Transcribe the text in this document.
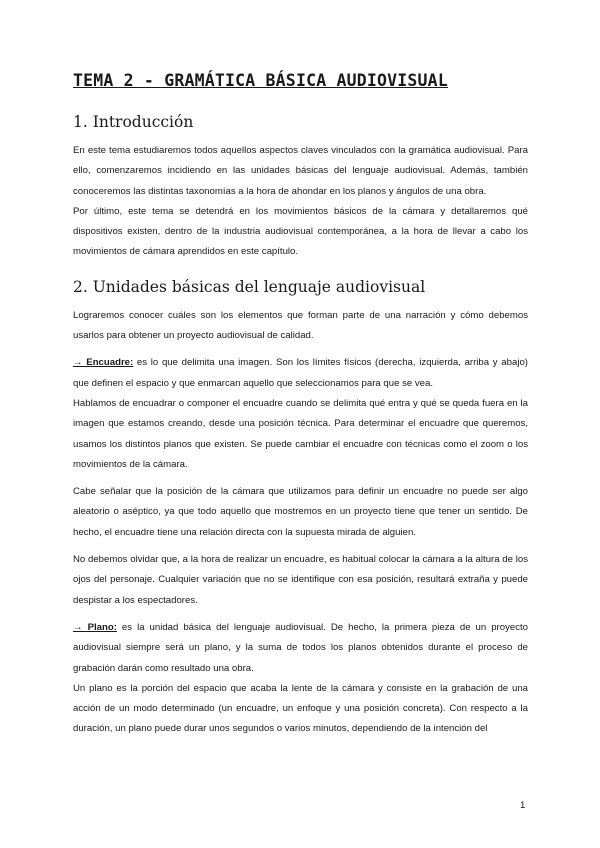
TEMA 2 - GRAMÁTICA BÁSICA AUDIOVISUAL
1. Introducción

En este tema estudiaremos todos aquellos aspectos claves vinculados con la gramática audiovisual. Para ello, comenzaremos incidiendo en las unidades básicas del lenguaje audiovisual. Además, también conoceremos las distintas taxonomías a la hora de ahondar en los planos y ángulos de una obra.

Por último, este tema se detendrá en los movimientos básicos de la cámara y detallaremos qué dispositivos existen, dentro de la industria audiovisual contemporánea, a la hora de llevar a cabo los movimientos de cámara aprendidos en este capítulo.

2. Unidades básicas del lenguaje audiovisual

Lograremos conocer cuáles son los elementos que forman parte de una narración y cómo debemos usarlos para obtener un proyecto audiovisual de calidad.

→ Encuadre: es lo que delimita una imagen. Son los límites físicos (derecha, izquierda, arriba y abajo) que definen el espacio y que enmarcan aquello que seleccionamos para que se vea.

Hablamos de encuadrar o componer el encuadre cuando se delimita qué entra y qué se queda fuera en la imagen que estamos creando, desde una posición técnica. Para determinar el encuadre que queremos, usamos los distintos planos que existen. Se puede cambiar el encuadre con técnicas como el zoom o los movimientos de la cámara.

Cabe señalar que la posición de la cámara que utilizamos para definir un encuadre no puede ser algo aleatorio o aséptico, ya que todo aquello que mostremos en un proyecto tiene que tener un sentido. De hecho, el encuadre tiene una relación directa con la supuesta mirada de alguien.

No debemos olvidar que, a la hora de realizar un encuadre, es habitual colocar la cámara a la altura de los ojos del personaje. Cualquier variación que no se identifique con esa posición, resultará extraña y puede despistar a los espectadores.

→ Plano: es la unidad básica del lenguaje audiovisual. De hecho, la primera pieza de un proyecto audiovisual siempre será un plano, y la suma de todos los planos obtenidos durante el proceso de grabación darán como resultado una obra.

Un plano es la porción del espacio que acaba la lente de la cámara y consiste en la grabación de una acción de un modo determinado (un encuadre, un enfoque y una posición concreta). Con respecto a la duración, un plano puede durar unos segundos o varios minutos, dependiendo de la intención del

1
